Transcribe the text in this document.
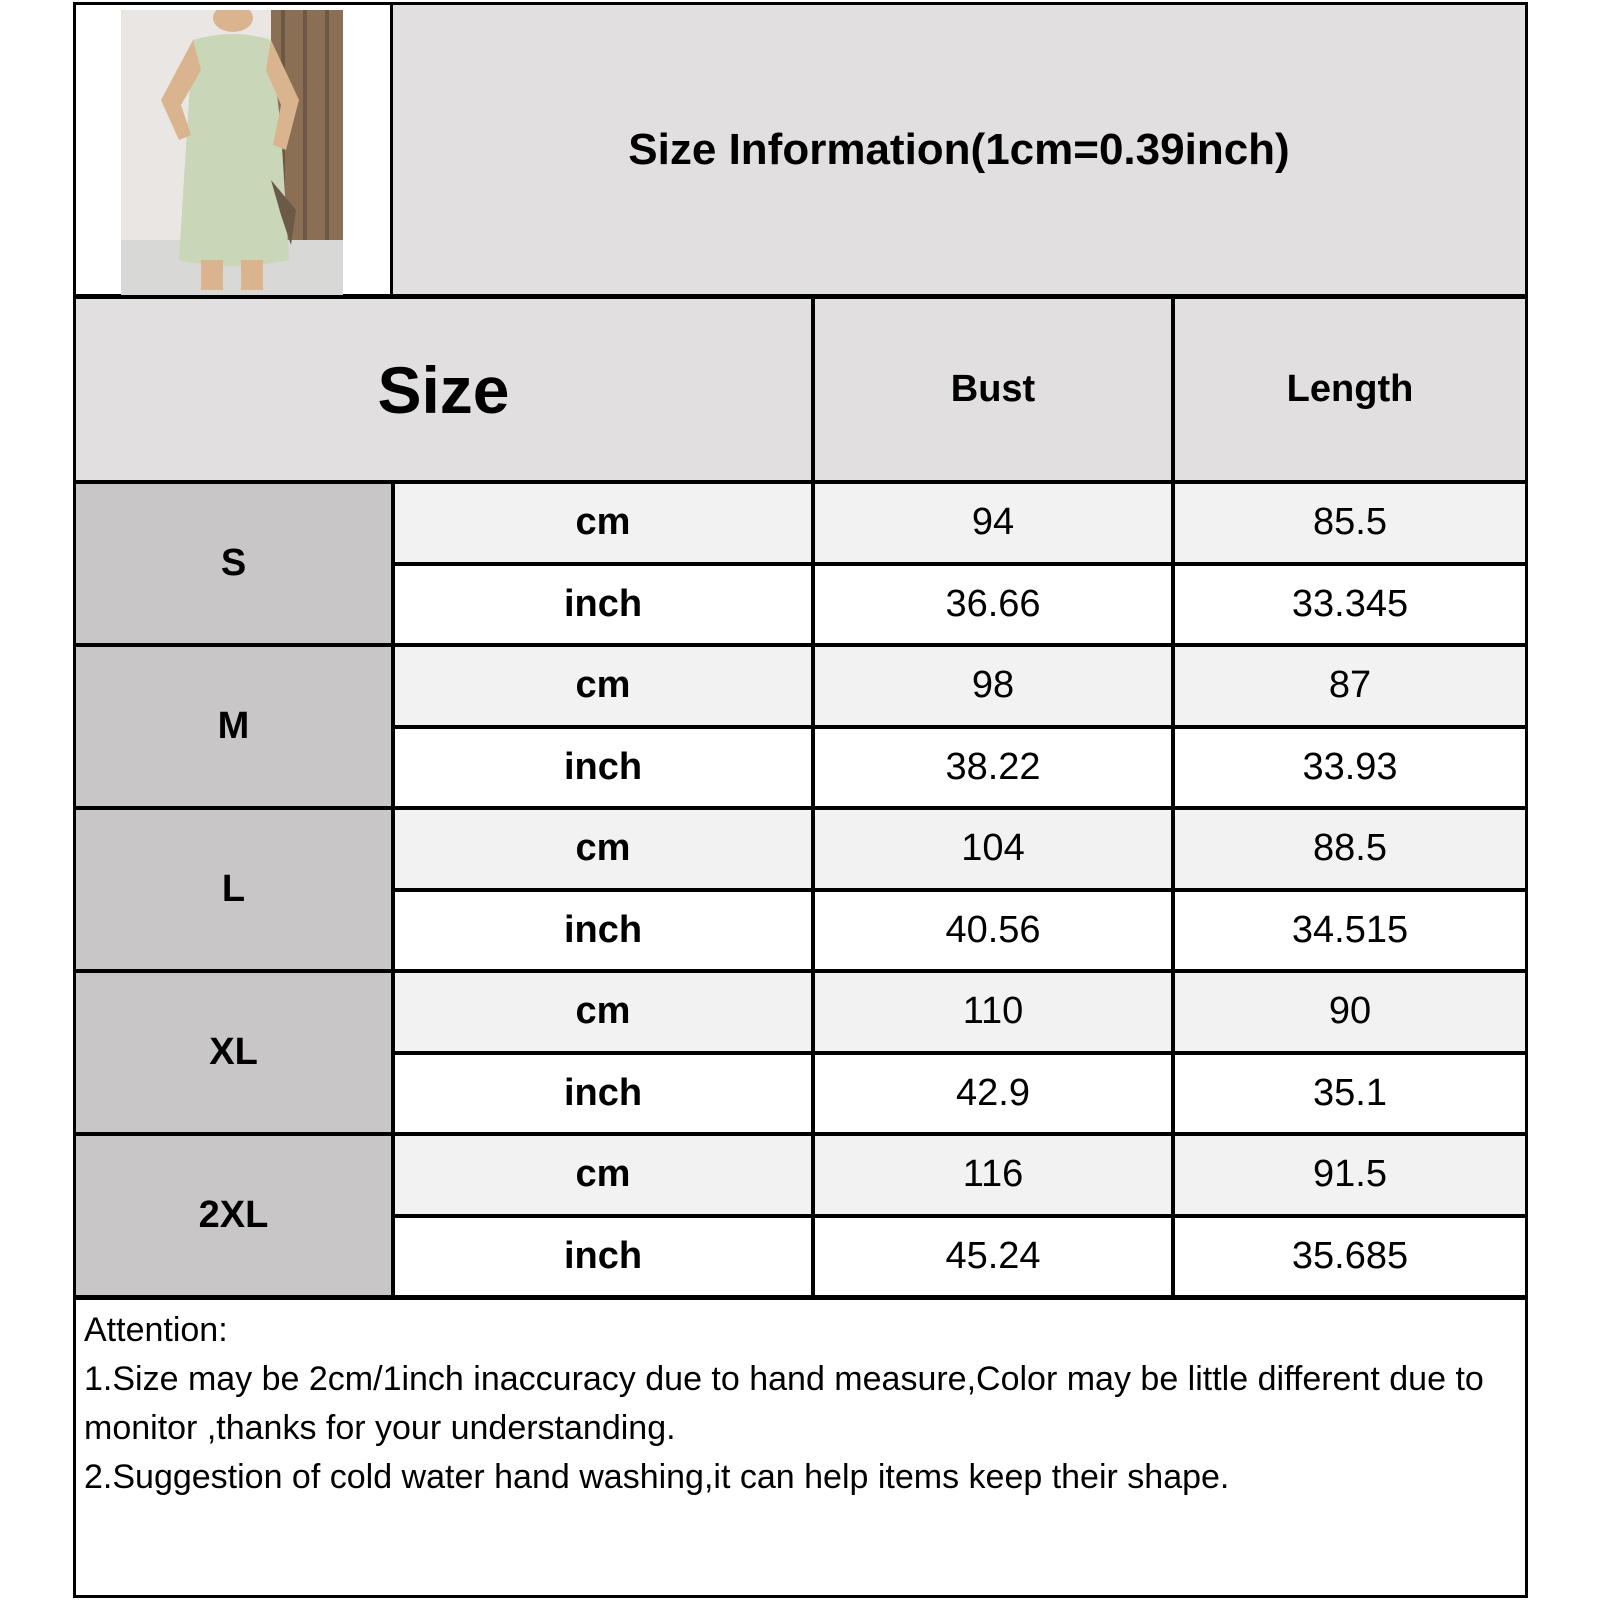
Size Information(1cm=0.39inch)
Size	Bust	Length
S
cm	94	85.5
inch	36.66	33.345
M
cm	98	87
inch	38.22	33.93
L
cm	104	88.5
inch	40.56	34.515
XL
cm	110	90
inch	42.9	35.1
2XL
cm	116	91.5
inch	45.24	35.685

Attention:

1.Size may be 2cm/1inch inaccuracy due to hand measure,Color may be little different due to monitor ,thanks for your understanding.

2.Suggestion of cold water hand washing,it can help items keep their shape.
